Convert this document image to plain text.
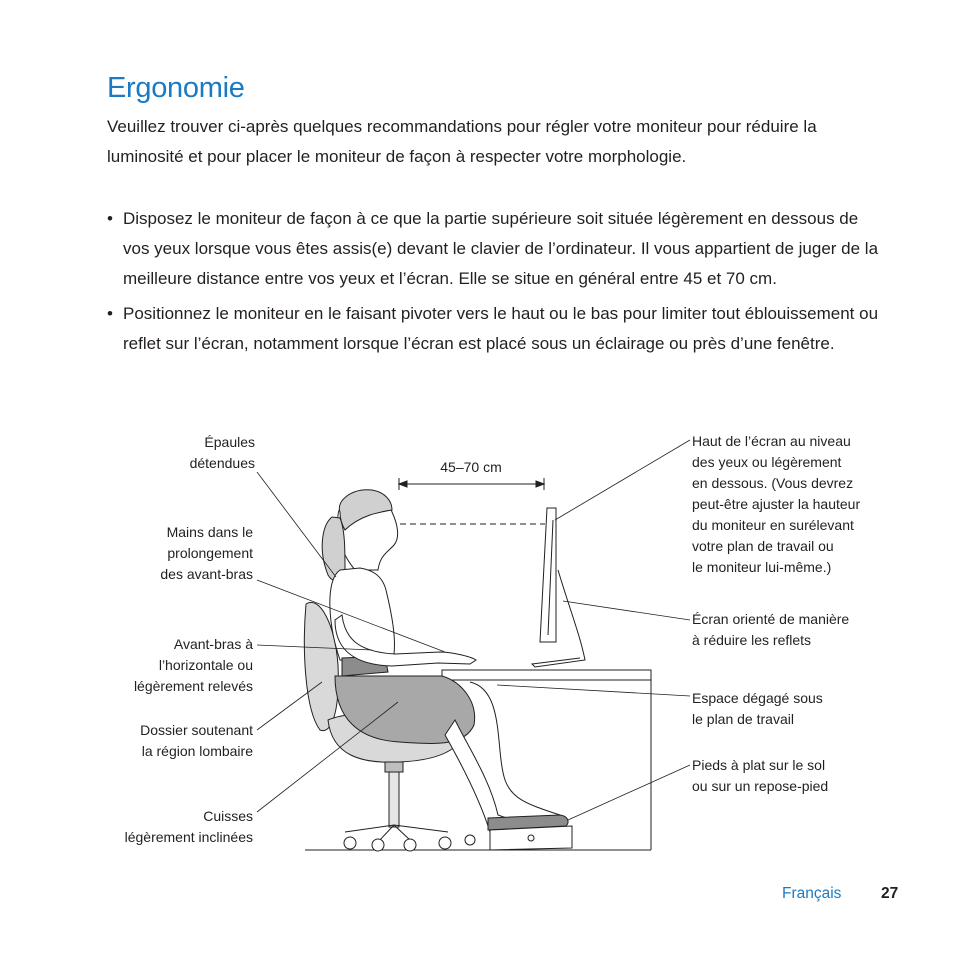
Ergonomie

Veuillez trouver ci-après quelques recommandations pour régler votre moniteur pour réduire la luminosité et pour placer le moniteur de façon à respecter votre morphologie.

• Disposez le moniteur de façon à ce que la partie supérieure soit située légèrement en dessous de vos yeux lorsque vous êtes assis(e) devant le clavier de l’ordinateur. Il vous appartient de juger de la meilleure distance entre vos yeux et l’écran. Elle se situe en général entre 45 et 70 cm.
• Positionnez le moniteur en le faisant pivoter vers le haut ou le bas pour limiter tout éblouissement ou reflet sur l’écran, notamment lorsque l’écran est placé sous un éclairage ou près d’une fenêtre.
45–70 cm
Épaules
détendues
Mains dans le
prolongement
des avant-bras
Avant-bras à
l’horizontale ou
légèrement relevés
Dossier soutenant
la région lombaire
Cuisses
légèrement inclinées
Haut de l’écran au niveau
des yeux ou légèrement
en dessous. (Vous devrez
peut-être ajuster la hauteur
du moniteur en surélevant
votre plan de travail ou
le moniteur lui-même.)
Écran orienté de manière
à réduire les reflets
Espace dégagé sous
le plan de travail
Pieds à plat sur le sol
ou sur un repose-pied
Français	27
